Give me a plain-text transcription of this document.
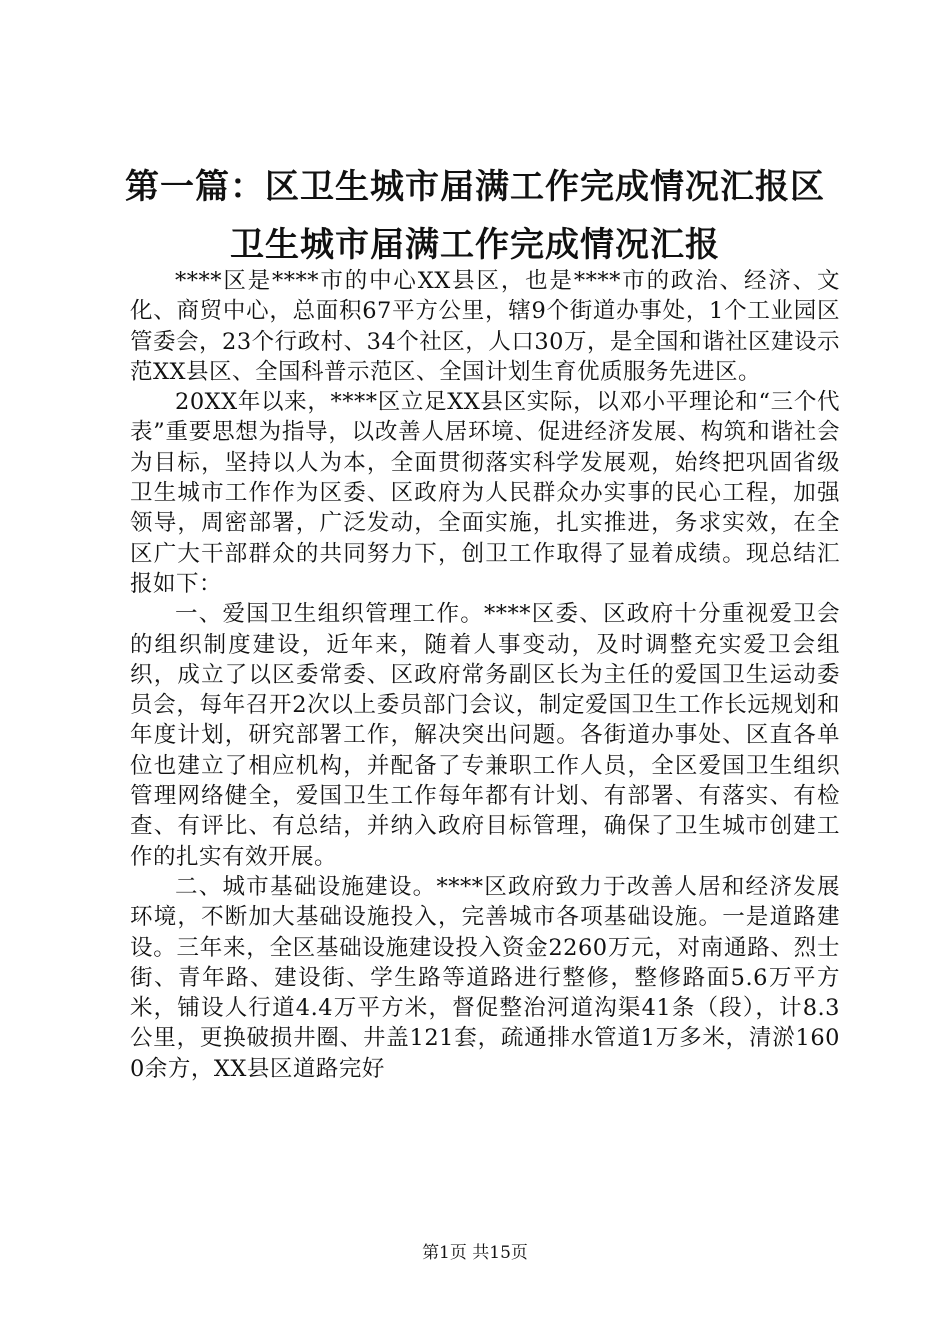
第一篇：区卫生城市届满工作完成情况汇报区卫生城市届满工作完成情况汇报

****区是****市的中心XX县区，也是****市的政治、经济、文化、商贸中心，总面积67平方公里，辖9个街道办事处，1个工业园区管委会，23个行政村、34个社区，人口30万，是全国和谐社区建设示范XX县区、全国科普示范区、全国计划生育优质服务先进区。

20XX年以来，****区立足XX县区实际，以邓小平理论和“三个代表”重要思想为指导，以改善人居环境、促进经济发展、构筑和谐社会为目标，坚持以人为本，全面贯彻落实科学发展观，始终把巩固省级卫生城市工作作为区委、区政府为人民群众办实事的民心工程，加强领导，周密部署，广泛发动，全面实施，扎实推进，务求实效，在全区广大干部群众的共同努力下，创卫工作取得了显着成绩。现总结汇报如下：

一、爱国卫生组织管理工作。****区委、区政府十分重视爱卫会的组织制度建设，近年来，随着人事变动，及时调整充实爱卫会组织，成立了以区委常委、区政府常务副区长为主任的爱国卫生运动委员会，每年召开2次以上委员部门会议，制定爱国卫生工作长远规划和年度计划，研究部署工作，解决突出问题。各街道办事处、区直各单位也建立了相应机构，并配备了专兼职工作人员，全区爱国卫生组织管理网络健全，爱国卫生工作每年都有计划、有部署、有落实、有检查、有评比、有总结，并纳入政府目标管理，确保了卫生城市创建工作的扎实有效开展。

二、城市基础设施建设。****区政府致力于改善人居和经济发展环境，不断加大基础设施投入，完善城市各项基础设施。一是道路建设。三年来，全区基础设施建设投入资金2260万元，对南通路、烈士街、青年路、建设街、学生路等道路进行整修，整修路面5.6万平方米，铺设人行道4.4万平方米，督促整治河道沟渠41条（段），计8.3公里，更换破损井圈、井盖121套，疏通排水管道1万多米，清淤1600余方，XX县区道路完好

第1页 共15页
